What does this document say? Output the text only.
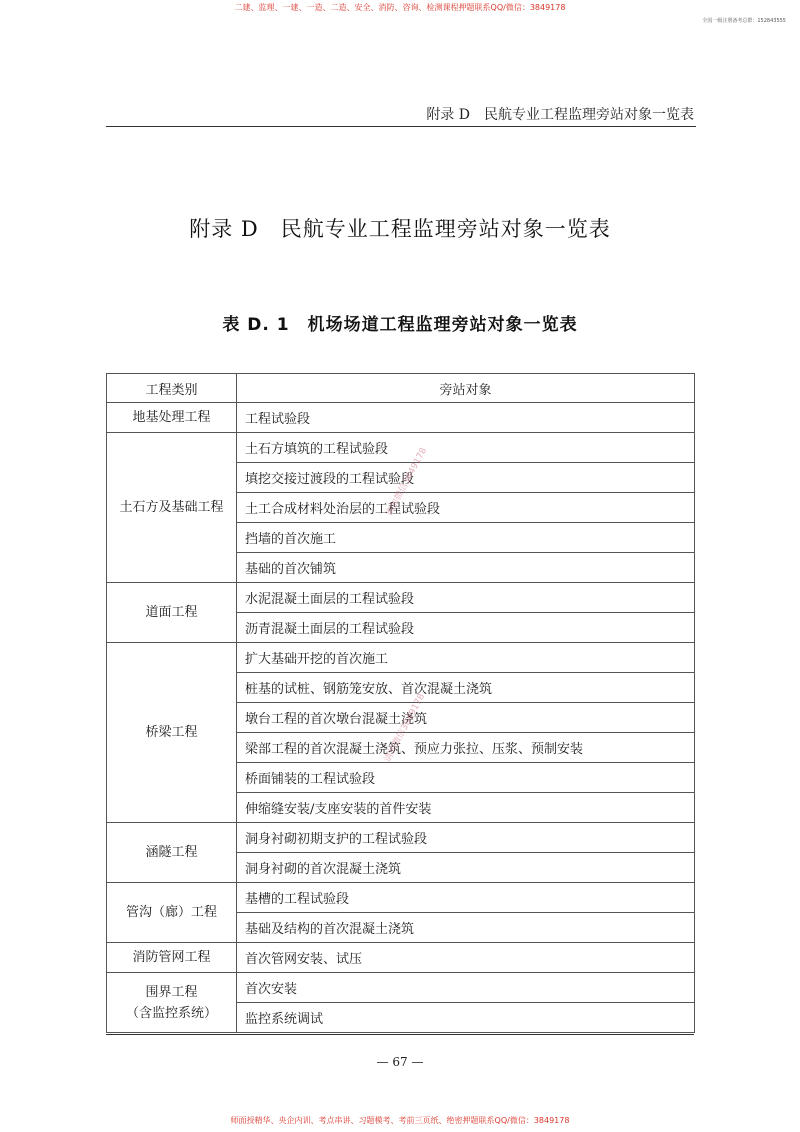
二建、监理、一建、一造、二造、安全、消防、咨询、检测课程押题联系QQ/微信：3849178
全国一级注册备考总群：152843555
附录 D　民航专业工程监理旁站对象一览表
附录 D　民航专业工程监理旁站对象一览表
表 D. 1　机场场道工程监理旁站对象一览表
工程类别	旁站对象
地基处理工程	工程试验段
土石方及基础工程	土石方填筑的工程试验段
	填挖交接过渡段的工程试验段
	土工合成材料处治层的工程试验段
	挡墙的首次施工
	基础的首次铺筑
道面工程	水泥混凝土面层的工程试验段
	沥青混凝土面层的工程试验段
桥梁工程	扩大基础开挖的首次施工
	桩基的试桩、钢筋笼安放、首次混凝土浇筑
	墩台工程的首次墩台混凝土浇筑
	梁部工程的首次混凝土浇筑、预应力张拉、压浆、预制安装
	桥面铺装的工程试验段
	伸缩缝安装/支座安装的首件安装
涵隧工程	洞身衬砌初期支护的工程试验段
	洞身衬砌的首次混凝土浇筑
管沟（廊）工程	基槽的工程试验段
	基础及结构的首次混凝土浇筑
消防管网工程	首次管网安装、试压

围界工程
（含监控系统）	首次安装
	监控系统调试
请加微信3849178
请加微信3849178
— 67 —
师面授精华、央企内训、考点串讲、习题模考、考前三页纸、绝密押题联系QQ/微信：3849178
